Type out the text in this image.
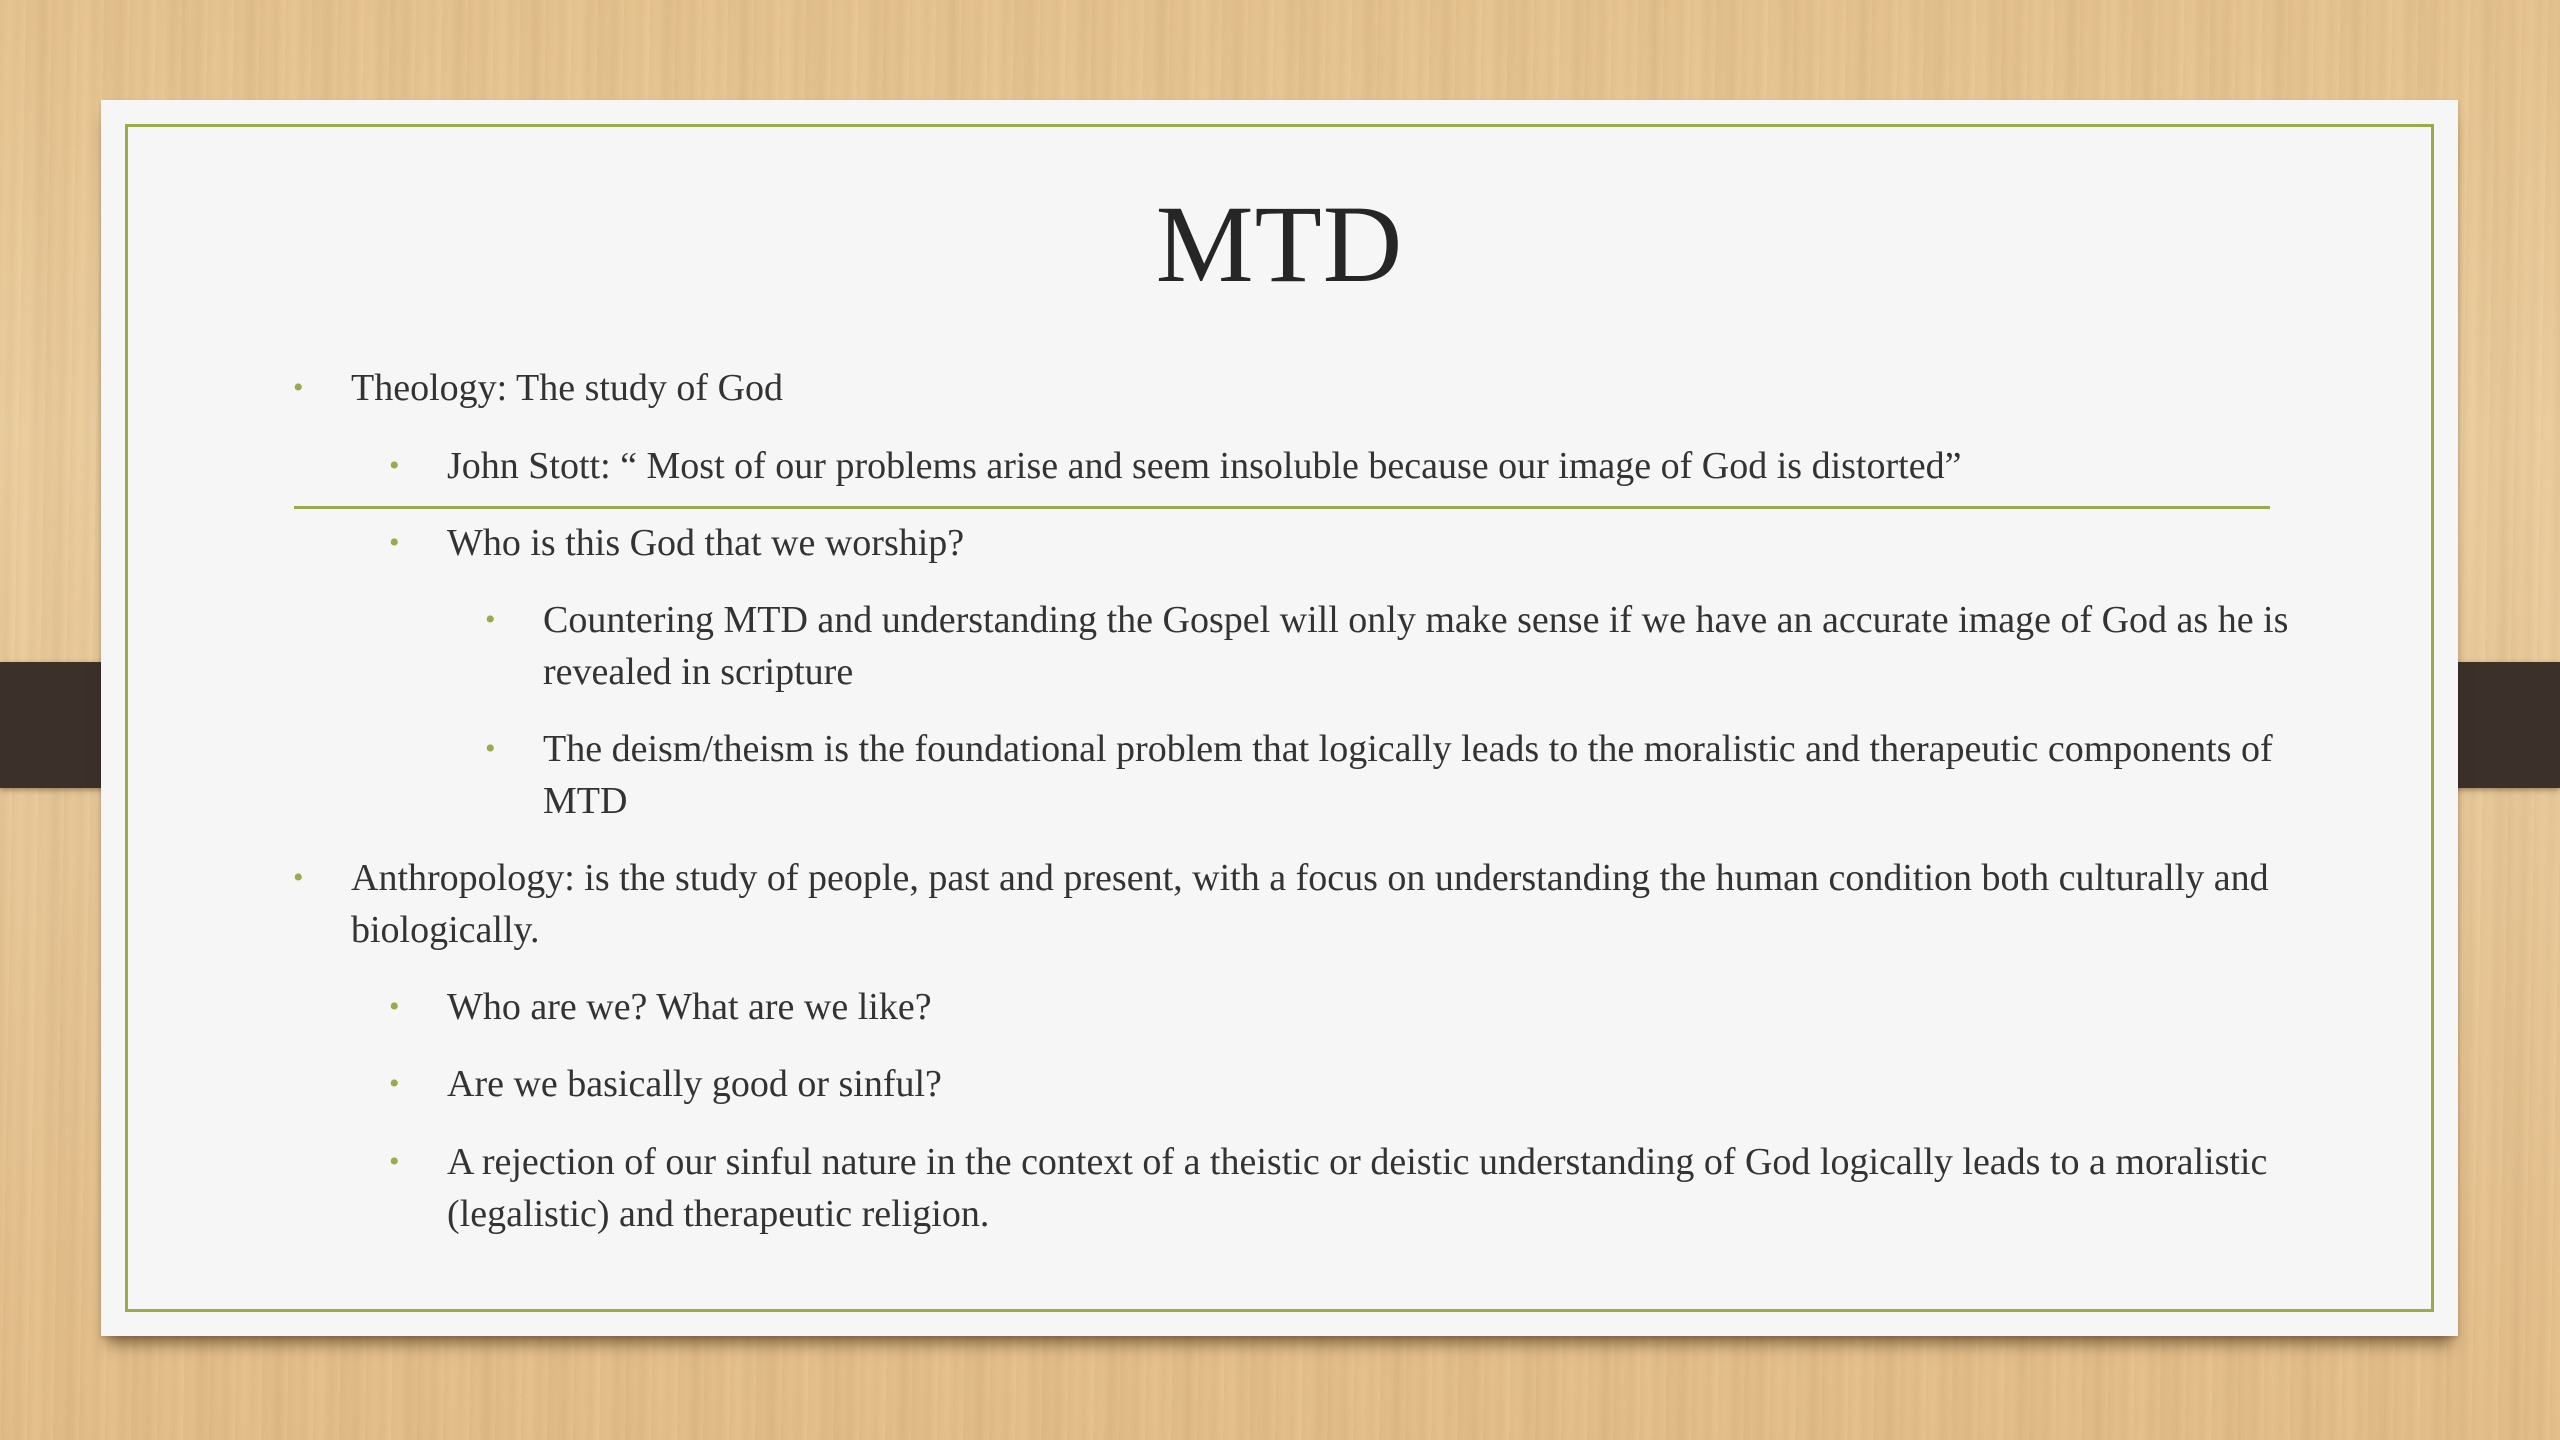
MTD
• Theology: The study of God
• John Stott: “ Most of our problems arise and seem insoluble because our image of God is distorted”
• Who is this God that we worship?
• Countering MTD and understanding the Gospel will only make sense if we have an accurate image of God as he is revealed in scripture
• The deism/theism is the foundational problem that logically leads to the moralistic and therapeutic components of MTD
• Anthropology: is the study of people, past and present, with a focus on understanding the human condition both culturally and biologically.
• Who are we? What are we like?
• Are we basically good or sinful?
• A rejection of our sinful nature in the context of a theistic or deistic understanding of God logically leads to a moralistic (legalistic) and therapeutic religion.
